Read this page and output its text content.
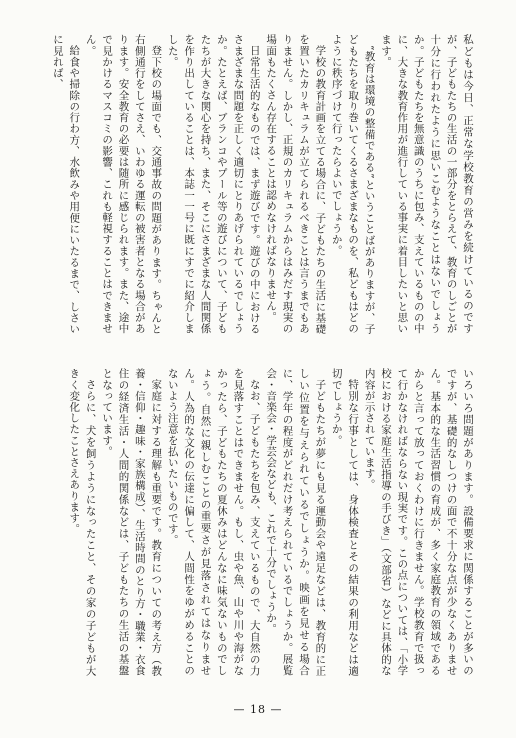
私どもは今日、正常な学校教育の営みを続けているのですが、子どもたちの生活の一部分をとらえて、教育のしごとが十分に行われたように思いこむようなことはないでしょうか。子どもたちを無意識のうちに包み、支えているものの中に、大きな教育作用が進行している事実に着目したいと思います。

“教育は環境の整備である”ということばがありますが、子どもたちを取り巻いてくるさまざまなものを、私どもはどのように秩序づけて行ったらよいでしょうか。

学校の教育計画を立てる場合に、子どもたちの生活に基礎を置いたカリキュラムが立てられるべきことは言うまでもありません。しかし、正規のカリキュラムからはみだす現実の場面もたくさん存在することは認めなければなりません。

日常生活的なものでは、まず遊びです。遊びの中におけるさまざまな問題を正しく適切にとりあげられているでしょうか。たとえば、ブランコやプール等の遊びについて、子どもたちが大きな関心を持ち、また、そこにさまざまな人間関係を作り出していることは、本誌一一号に既にすでに紹介しました。

登下校の場面でも、交通事故の問題があります。ちゃんと右側通行をしてさえ、いわゆる運転の被害者となる場合があります。安全教育の必要は随所に感じられます。また、途中で見かけるマスコミの影響、これも軽視することはできません。

給食や掃除の行わ方、水飲みや用便にいたるまで、しさいに見れば、

いろいろ問題があります。設備要求に関係することが多いのですが、基礎的なしつけの面で不十分な点が少なくありません。基本的な生活習慣の育成が、多く家庭教育の領域であるからと言って放っておくわけに行きません。学校教育で扱って行かなければならない現実です。この点については、「小学校における家庭生活指導の手びき」（文部省）などに具体的な内容が示されています。

特別な行事としては、身体検査とその結果の利用などは適切でしょうか。

子どもたちが夢にも見る運動会や遠足などは、教育的に正しい位置を与えられているでしょうか。映画を見せる場合に、学年の程度がどれだけ考えられているでしょうか。展覧会・音楽会・学芸会なども、これで十分でしょうか。

なお、子どもたちを包み、支えているもので、大自然の力を見落すことはできません。もし、虫や魚、山や川や海がなかったら、子どもたちの夏休みはどんなに味気ないものでしょう。自然に親しむことの重要さが見落されてはなりません。人為的な文化の伝達に偏して、人間性をゆがめることのないよう注意を払いたいものです。

家庭に対する理解も重要です。教育についての考え方（教養・信仰・趣味・家族構成）、生活時間のとり方・職業・衣食住の経済生活・人間的関係などは、子どもたちの生活の基盤となっています。

さらに、犬を飼うようになったこと、その家の子どもが大きく変化したことさえあります。

— 18 —
